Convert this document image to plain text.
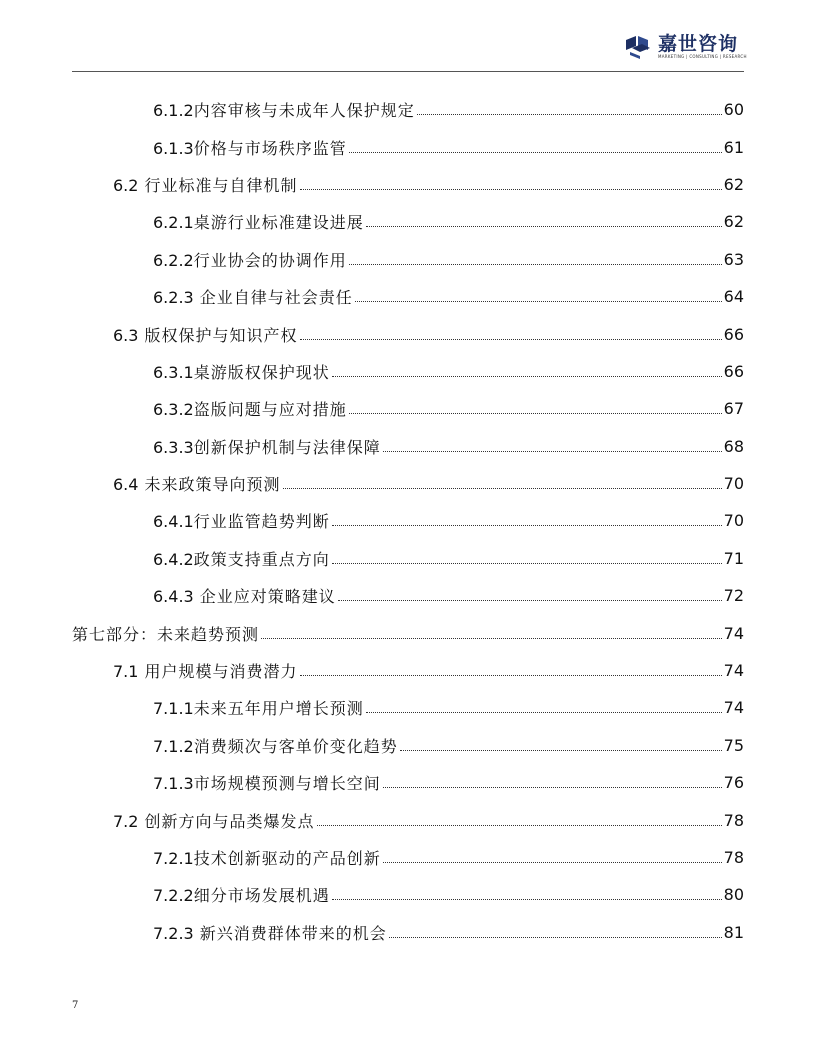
嘉世咨询
MARKETING | CONSULTING | RESEARCH
6.1.2内容审核与未成年人保护规定	60
6.1.3价格与市场秩序监管	61
6.2 行业标准与自律机制	62
6.2.1桌游行业标准建设进展	62
6.2.2行业协会的协调作用	63
6.2.3 企业自律与社会责任	64
6.3 版权保护与知识产权	66
6.3.1桌游版权保护现状	66
6.3.2盗版问题与应对措施	67
6.3.3创新保护机制与法律保障	68
6.4 未来政策导向预测	70
6.4.1行业监管趋势判断	70
6.4.2政策支持重点方向	71
6.4.3 企业应对策略建议	72
第七部分：未来趋势预测	74
7.1 用户规模与消费潜力	74
7.1.1未来五年用户增长预测	74
7.1.2消费频次与客单价变化趋势	75
7.1.3市场规模预测与增长空间	76
7.2 创新方向与品类爆发点	78
7.2.1技术创新驱动的产品创新	78
7.2.2细分市场发展机遇	80
7.2.3 新兴消费群体带来的机会	81
7
